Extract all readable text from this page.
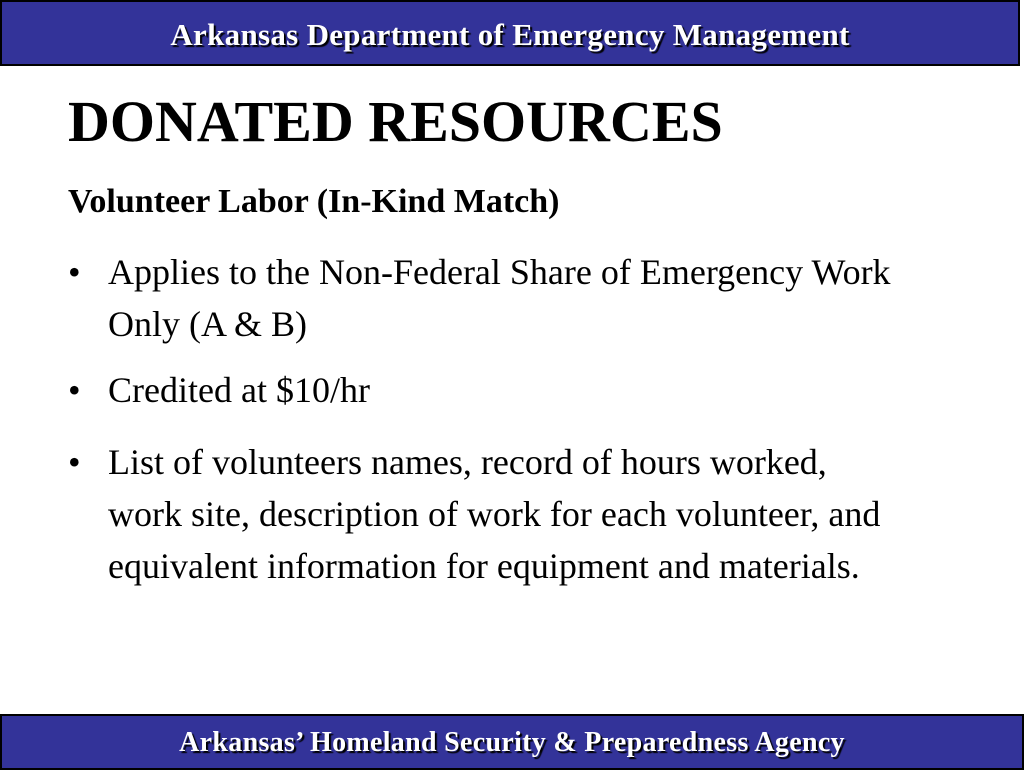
Arkansas Department of Emergency Management
DONATED RESOURCES
Volunteer Labor (In-Kind Match)
• Applies to the Non-Federal Share of Emergency Work Only (A & B)
• Credited at $10/hr
• List of volunteers names, record of hours worked, work site, description of work for each volunteer, and equivalent information for equipment and materials.
Arkansas’ Homeland Security & Preparedness Agency
